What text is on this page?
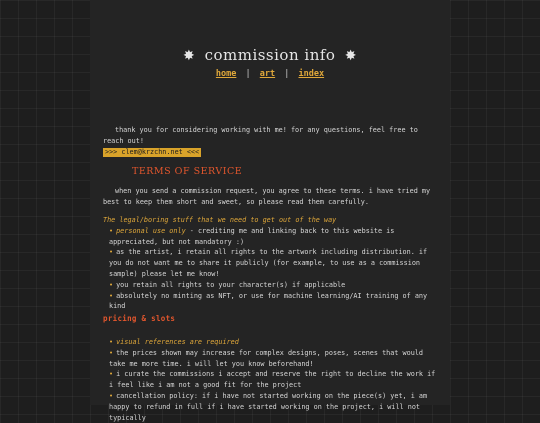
✸ commission info ✸
home | art | index

thank you for considering working with me! for any questions, feel free to reach out!

>>> clem@krzchn.net <<<
TERMS OF SERVICE

when you send a commission request, you agree to these terms. i have tried my best to keep them short and sweet, so please read them carefully.

The legal/boring stuff that we need to get out of the way

• personal use only - crediting me and linking back to this website is appreciated, but not mandatory :)
• as the artist, i retain all rights to the artwork including distribution. if you do not want me to share it publicly (for example, to use as a commission sample) please let me know!
• you retain all rights to your character(s) if applicable
• absolutely no minting as NFT, or use for machine learning/AI training of any kind
pricing & slots
• visual references are required
• the prices shown may increase for complex designs, poses, scenes that would take me more time. i will let you know beforehand!
• i curate the commissions i accept and reserve the right to decline the work if i feel like i am not a good fit for the project
• cancellation policy: if i have not started working on the piece(s) yet, i am happy to refund in full if i have started working on the project, i will not typically
